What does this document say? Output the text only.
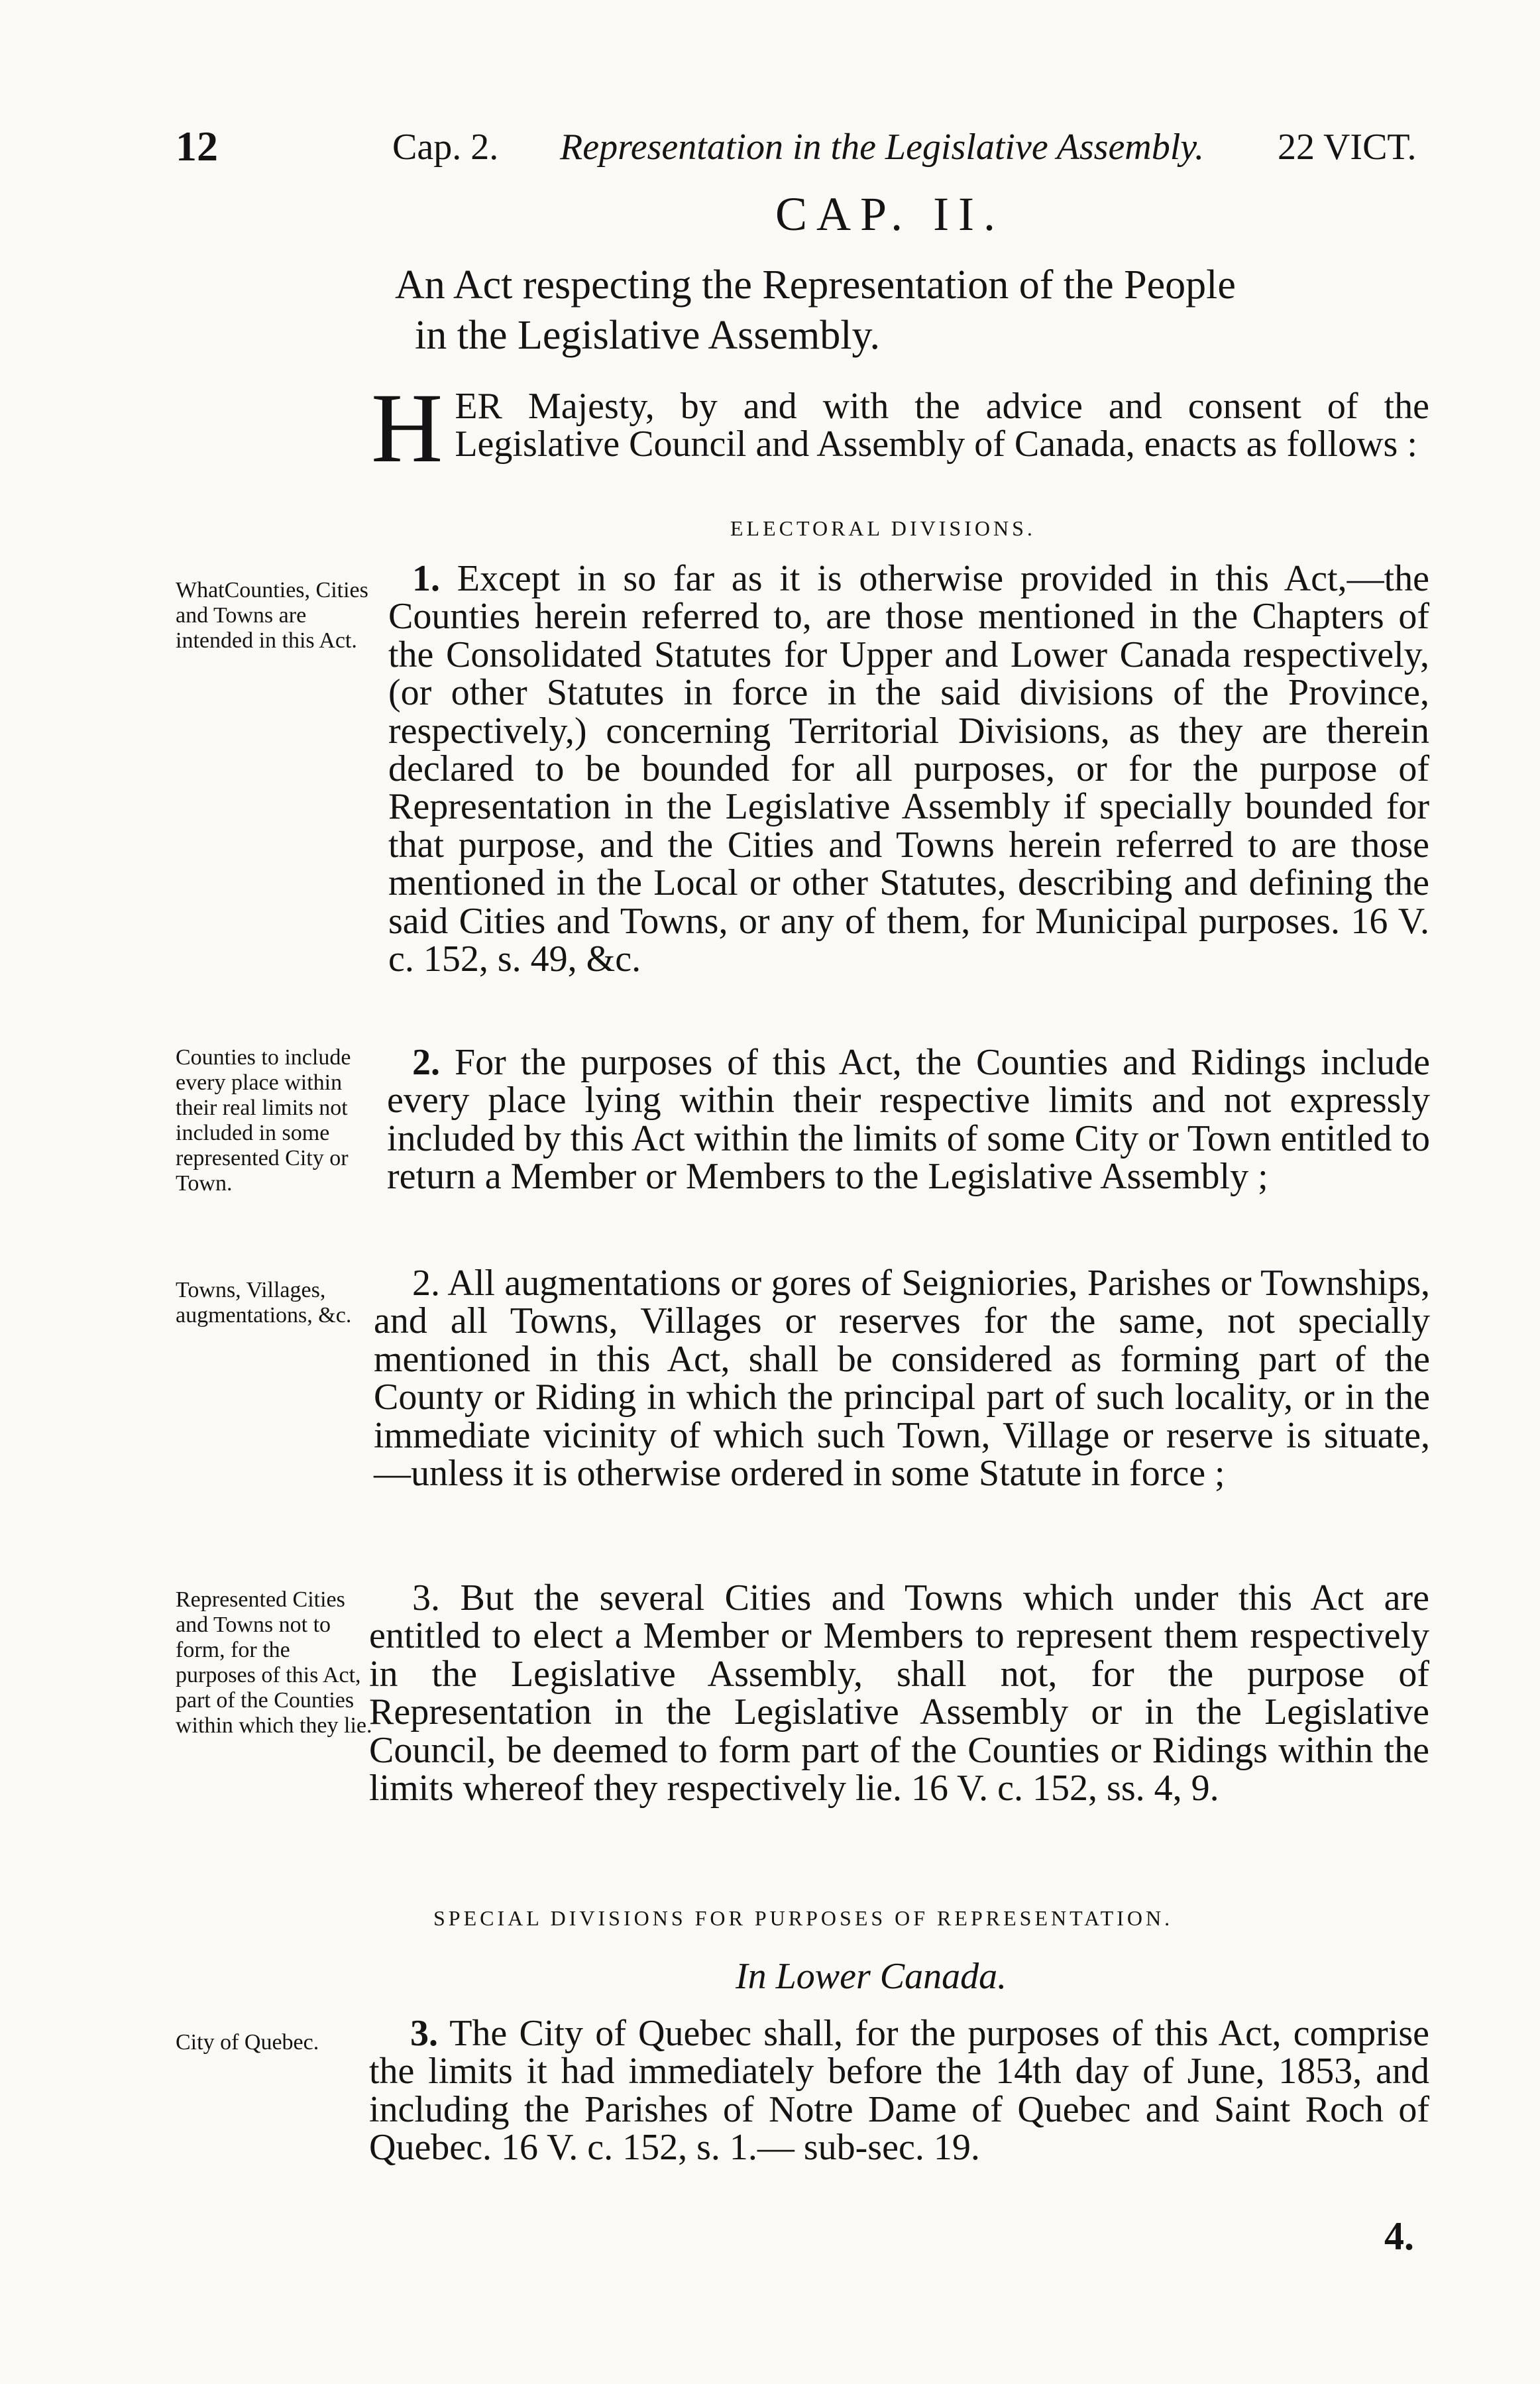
12	Cap. 2. Representation in the Legislative Assembly. 22 VICT.
CAP. II.
An Act respecting the Representation of the People
in the Legislative Assembly.
HER Majesty, by and with the advice and consent of the Legislative Council and Assembly of Canada, enacts as follows :
ELECTORAL DIVISIONS.
WhatCounties, Cities and Towns are intended in this Act.
1. Except in so far as it is otherwise provided in this Act,—the Counties herein referred to, are those mentioned in the Chapters of the Consolidated Statutes for Upper and Lower Canada respectively, (or other Statutes in force in the said divisions of the Province, respectively,) concerning Territorial Divisions, as they are therein declared to be bounded for all purposes, or for the purpose of Representation in the Legislative Assembly if specially bounded for that purpose, and the Cities and Towns herein referred to are those mentioned in the Local or other Statutes, describing and defining the said Cities and Towns, or any of them, for Municipal purposes. 16 V. c. 152, s. 49, &c.
Counties to include every place within their real limits not included in some represented City or Town.
2. For the purposes of this Act, the Counties and Ridings include every place lying within their respective limits and not expressly included by this Act within the limits of some City or Town entitled to return a Member or Members to the Legislative Assembly ;
Towns, Villages, augmentations, &c.
2. All augmentations or gores of Seigniories, Parishes or Townships, and all Towns, Villages or reserves for the same, not specially mentioned in this Act, shall be considered as forming part of the County or Riding in which the principal part of such locality, or in the immediate vicinity of which such Town, Village or reserve is situate,—unless it is otherwise ordered in some Statute in force ;
Represented Cities and Towns not to form, for the purposes of this Act, part of the Counties within which they lie.
3. But the several Cities and Towns which under this Act are entitled to elect a Member or Members to represent them respectively in the Legislative Assembly, shall not, for the purpose of Representation in the Legislative Assembly or in the Legislative Council, be deemed to form part of the Counties or Ridings within the limits whereof they respectively lie. 16 V. c. 152, ss. 4, 9.
SPECIAL DIVISIONS FOR PURPOSES OF REPRESENTATION.
In Lower Canada.
City of Quebec.	3. The City of Quebec shall, for the purposes of this Act, comprise the limits it had immediately before the 14th day of June, 1853, and including the Parishes of Notre Dame of Quebec and Saint Roch of Quebec. 16 V. c. 152, s. 1.— sub-sec. 19.
4.
